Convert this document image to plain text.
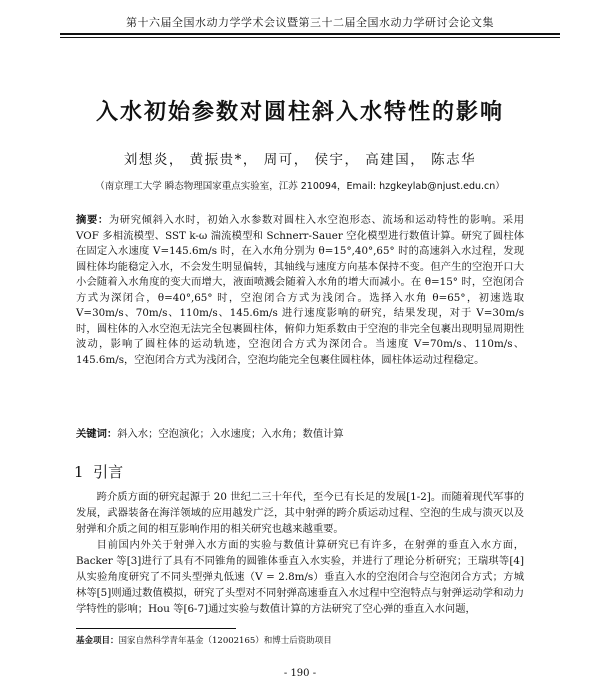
第十六届全国水动力学学术会议暨第三十二届全国水动力学研讨会论文集
入水初始参数对圆柱斜入水特性的影响
刘想炎， 黄振贵*， 周可， 侯宇， 高建国， 陈志华
（南京理工大学 瞬态物理国家重点实验室，江苏 210094，Email: hzgkeylab@njust.edu.cn）
摘要：为研究倾斜入水时，初始入水参数对圆柱入水空泡形态、流场和运动特性的影响。采用 VOF 多相流模型、SST k-ω 湍流模型和 Schnerr-Sauer 空化模型进行数值计算。研究了圆柱体在固定入水速度 V=145.6m/s 时，在入水角分别为 θ=15°,40°,65° 时的高速斜入水过程，发现圆柱体均能稳定入水，不会发生明显偏转，其轴线与速度方向基本保持不变。但产生的空泡开口大小会随着入水角度的变大而增大，液面喷溅会随着入水角的增大而减小。在 θ=15° 时，空泡闭合方式为深闭合，θ=40°,65° 时，空泡闭合方式为浅闭合。选择入水角 θ=65°，初速选取 V=30m/s、70m/s、110m/s、145.6m/s 进行速度影响的研究，结果发现，对于 V=30m/s 时，圆柱体的入水空泡无法完全包裹圆柱体，俯仰力矩系数由于空泡的非完全包裹出现明显周期性波动，影响了圆柱体的运动轨迹，空泡闭合方式为深闭合。当速度 V=70m/s、110m/s、145.6m/s，空泡闭合方式为浅闭合，空泡均能完全包裹住圆柱体，圆柱体运动过程稳定。
关键词：斜入水；空泡演化；入水速度；入水角；数值计算
1 引言

跨介质方面的研究起源于 20 世纪二三十年代，至今已有长足的发展[1-2]。而随着现代军事的发展，武器装备在海洋领域的应用越发广泛，其中射弹的跨介质运动过程、空泡的生成与溃灭以及射弹和介质之间的相互影响作用的相关研究也越来越重要。

目前国内外关于射弹入水方面的实验与数值计算研究已有许多，在射弹的垂直入水方面，Backer 等[3]进行了具有不同锥角的圆锥体垂直入水实验，并进行了理论分析研究；王瑞琪等[4]从实验角度研究了不同头型弹丸低速（V = 2.8m/s）垂直入水的空泡闭合与空泡闭合方式；方城林等[5]则通过数值模拟，研究了头型对不同射弹高速垂直入水过程中空泡特点与射弹运动学和动力学特性的影响；Hou 等[6-7]通过实验与数值计算的方法研究了空心弹的垂直入水问题，

基金项目：国家自然科学青年基金（12002165）和博士后资助项目
- 190 -
